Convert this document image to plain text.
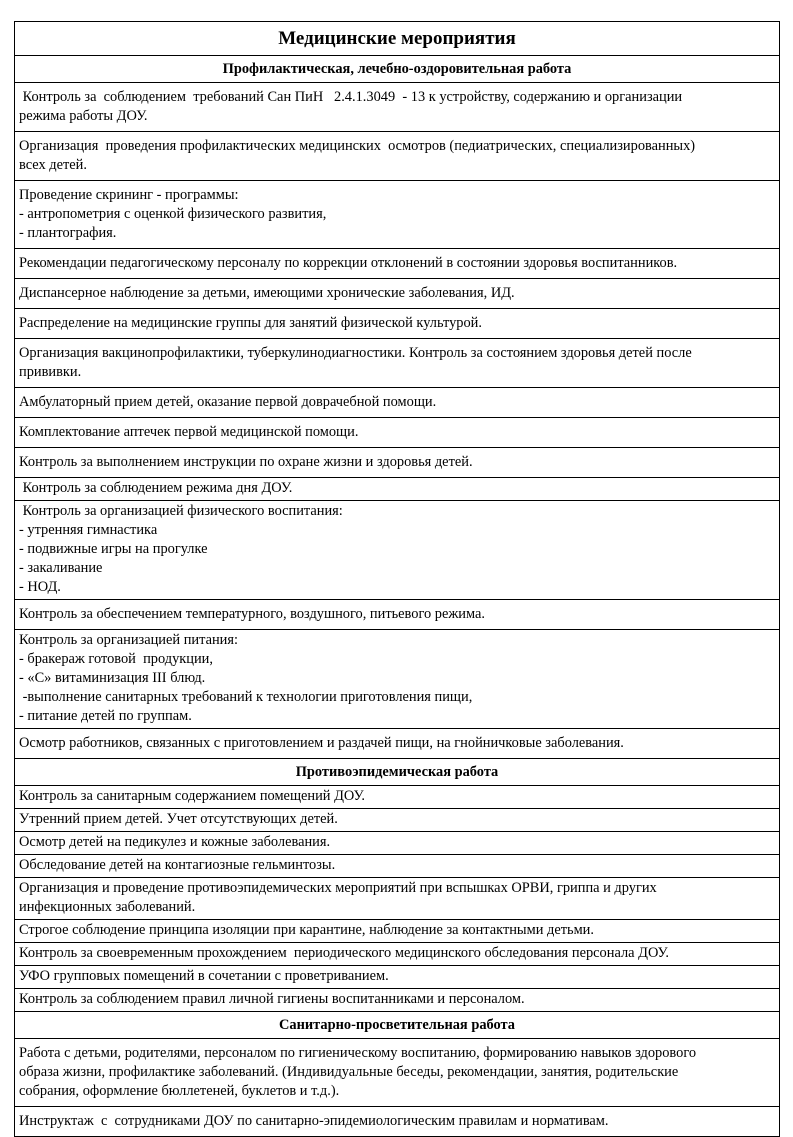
Медицинские мероприятия
Профилактическая, лечебно-оздоровительная работа

Контроль за  соблюдением  требований Сан ПиН   2.4.1.3049  - 13 к устройству, содержанию и организации
режима работы ДОУ.

Организация  проведения профилактических медицинских  осмотров (педиатрических, специализированных)
всех детей.

Проведение скрининг - программы:
- антропометрия с оценкой физического развития,
- плантография.

Рекомендации педагогическому персоналу по коррекции отклонений в состоянии здоровья воспитанников.

Диспансерное наблюдение за детьми, имеющими хронические заболевания, ИД.

Распределение на медицинские группы для занятий физической культурой.

Организация вакцинопрофилактики, туберкулинодиагностики. Контроль за состоянием здоровья детей после
прививки.

Амбулаторный прием детей, оказание первой доврачебной помощи.

Комплектование аптечек первой медицинской помощи.

Контроль за выполнением инструкции по охране жизни и здоровья детей.

Контроль за соблюдением режима дня ДОУ.

Контроль за организацией физического воспитания:
- утренняя гимнастика
- подвижные игры на прогулке
- закаливание
- НОД.

Контроль за обеспечением температурного, воздушного, питьевого режима.

Контроль за организацией питания:
- бракераж готовой  продукции,
- «С» витаминизация III блюд.
-выполнение санитарных требований к технологии приготовления пищи,
- питание детей по группам.

Осмотр работников, связанных с приготовлением и раздачей пищи, на гнойничковые заболевания.

Противоэпидемическая работа

Контроль за санитарным содержанием помещений ДОУ.

Утренний прием детей. Учет отсутствующих детей.

Осмотр детей на педикулез и кожные заболевания.

Обследование детей на контагиозные гельминтозы.

Организация и проведение противоэпидемических мероприятий при вспышках ОРВИ, гриппа и других
инфекционных заболеваний.

Строгое соблюдение принципа изоляции при карантине, наблюдение за контактными детьми.

Контроль за своевременным прохождением  периодического медицинского обследования персонала ДОУ.

УФО групповых помещений в сочетании с проветриванием.

Контроль за соблюдением правил личной гигиены воспитанниками и персоналом.

Санитарно-просветительная работа

Работа с детьми, родителями, персоналом по гигиеническому воспитанию, формированию навыков здорового
образа жизни, профилактике заболеваний. (Индивидуальные беседы, рекомендации, занятия, родительские
собрания, оформление бюллетеней, буклетов и т.д.).

Инструктаж  с  сотрудниками ДОУ по санитарно-эпидемиологическим правилам и нормативам.
